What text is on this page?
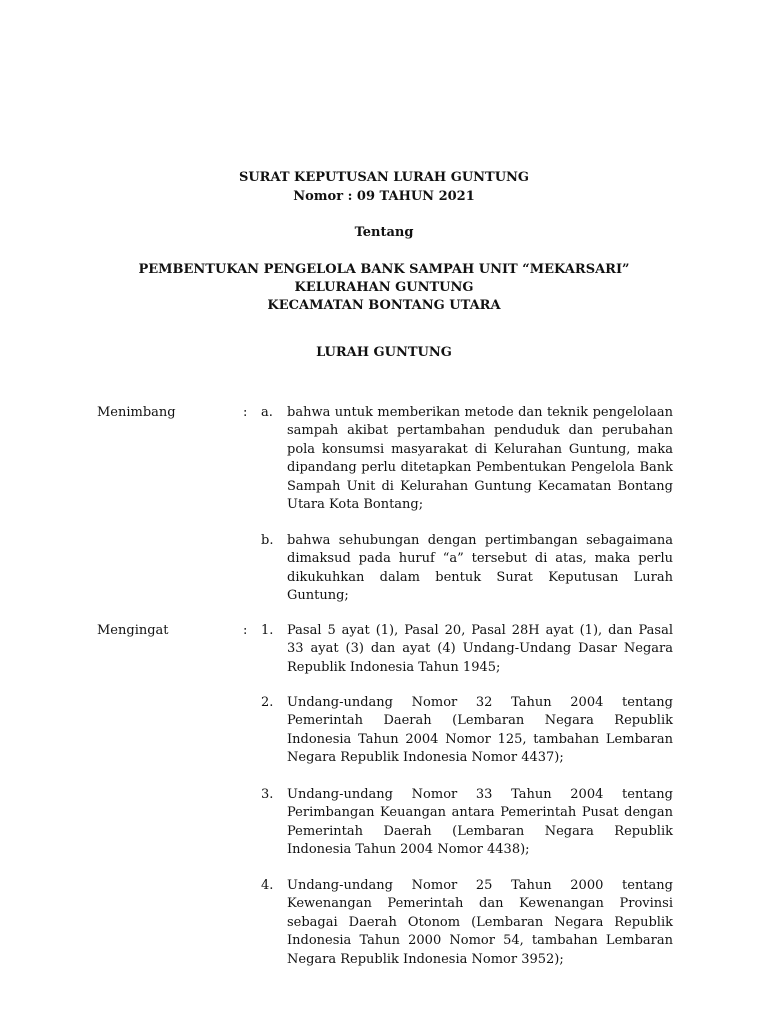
SURAT KEPUTUSAN LURAH GUNTUNG
Nomor : 09 TAHUN 2021
Tentang
PEMBENTUKAN PENGELOLA BANK SAMPAH UNIT “MEKARSARI”
KELURAHAN GUNTUNG
KECAMATAN BONTANG UTARA
LURAH GUNTUNG
Menimbang	: a. bahwa untuk memberikan metode dan teknik pengelolaan sampah akibat pertambahan penduduk dan perubahan pola konsumsi masyarakat di Kelurahan Guntung, maka dipandang perlu ditetapkan Pembentukan Pengelola Bank Sampah Unit di Kelurahan Guntung Kecamatan Bontang Utara Kota Bontang;
b. bahwa sehubungan dengan pertimbangan sebagaimana dimaksud pada huruf “a” tersebut di atas, maka perlu dikukuhkan dalam bentuk Surat Keputusan Lurah Guntung;
Mengingat	: 1. Pasal 5 ayat (1), Pasal 20, Pasal 28H ayat (1), dan Pasal 33 ayat (3) dan ayat (4) Undang-Undang Dasar Negara Republik Indonesia Tahun 1945;
2. Undang-undang Nomor 32 Tahun 2004 tentang Pemerintah Daerah (Lembaran Negara Republik Indonesia Tahun 2004 Nomor 125, tambahan Lembaran Negara Republik Indonesia Nomor 4437);
3. Undang-undang Nomor 33 Tahun 2004 tentang Perimbangan Keuangan antara Pemerintah Pusat dengan Pemerintah Daerah (Lembaran Negara Republik Indonesia Tahun 2004 Nomor 4438);
4. Undang-undang Nomor 25 Tahun 2000 tentang Kewenangan Pemerintah dan Kewenangan Provinsi sebagai Daerah Otonom (Lembaran Negara Republik Indonesia Tahun 2000 Nomor 54, tambahan Lembaran Negara Republik Indonesia Nomor 3952);
